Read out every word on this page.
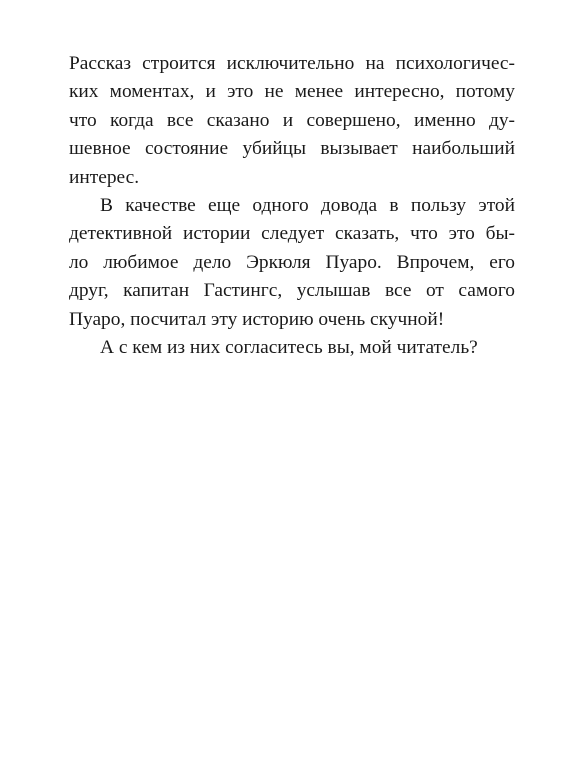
Рассказ строится исключительно на психологичес-
ких моментах, и это не менее интересно, потому
что когда все сказано и совершено, именно ду-
шевное состояние убийцы вызывает наибольший
интерес.
В качестве еще одного довода в пользу этой
детективной истории следует сказать, что это бы-
ло любимое дело Эркюля Пуаро. Впрочем, его
друг, капитан Гастингс, услышав все от самого
Пуаро, посчитал эту историю очень скучной!
А с кем из них согласитесь вы, мой читатель?
